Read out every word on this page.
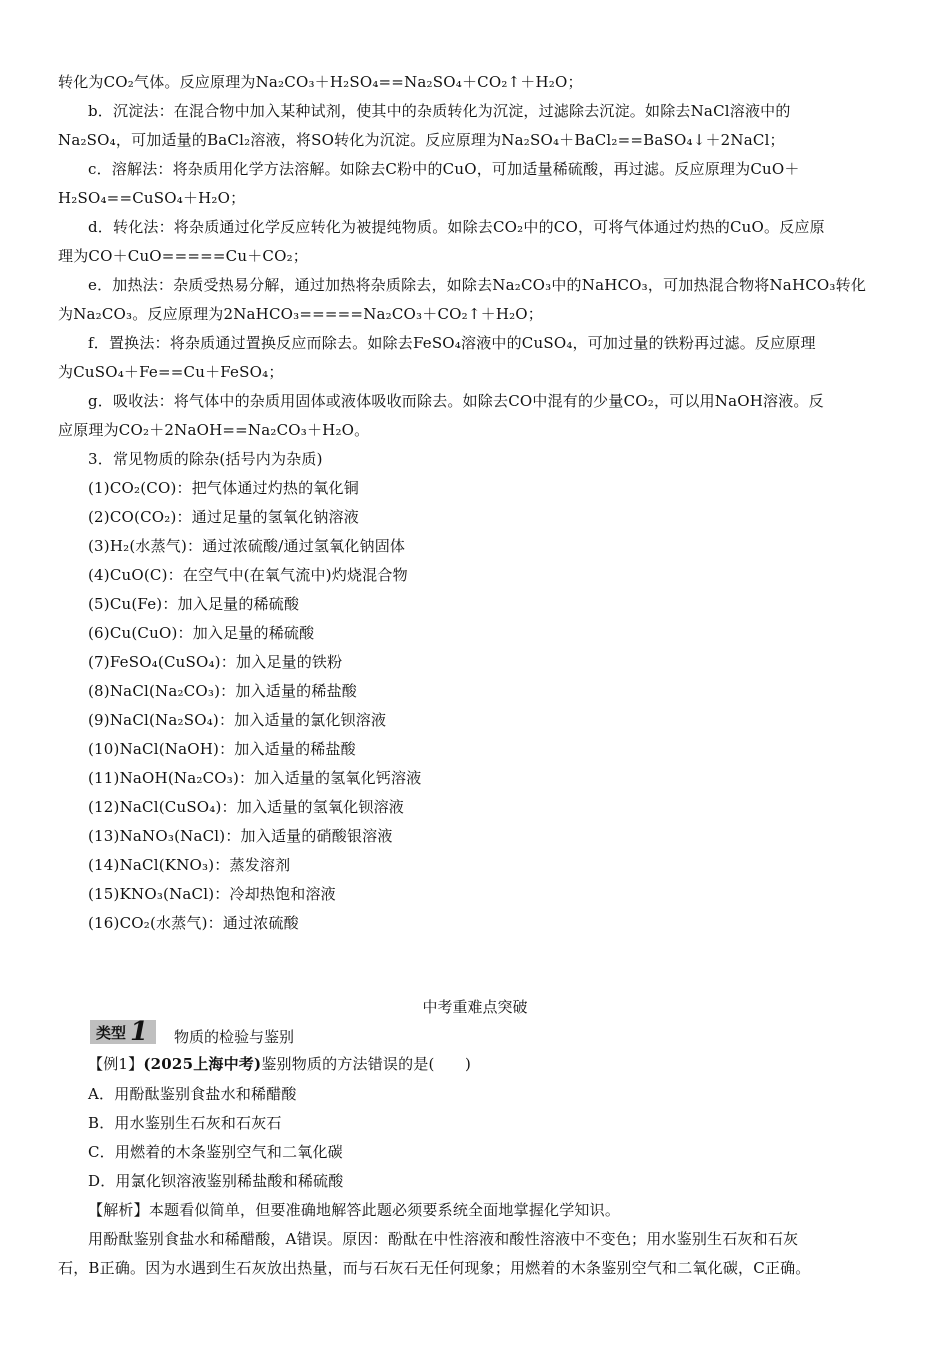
转化为CO₂气体。反应原理为Na₂CO₃＋H₂SO₄==Na₂SO₄＋CO₂↑＋H₂O；
b．沉淀法：在混合物中加入某种试剂，使其中的杂质转化为沉淀，过滤除去沉淀。如除去NaCl溶液中的
Na₂SO₄，可加适量的BaCl₂溶液，将SO转化为沉淀。反应原理为Na₂SO₄＋BaCl₂==BaSO₄↓＋2NaCl；
c．溶解法：将杂质用化学方法溶解。如除去C粉中的CuO，可加适量稀硫酸，再过滤。反应原理为CuO＋
H₂SO₄==CuSO₄＋H₂O；
d．转化法：将杂质通过化学反应转化为被提纯物质。如除去CO₂中的CO，可将气体通过灼热的CuO。反应原
理为CO＋CuO=====Cu＋CO₂；
e．加热法：杂质受热易分解，通过加热将杂质除去，如除去Na₂CO₃中的NaHCO₃，可加热混合物将NaHCO₃转化
为Na₂CO₃。反应原理为2NaHCO₃=====Na₂CO₃＋CO₂↑＋H₂O；
f．置换法：将杂质通过置换反应而除去。如除去FeSO₄溶液中的CuSO₄，可加过量的铁粉再过滤。反应原理
为CuSO₄＋Fe==Cu＋FeSO₄；
g．吸收法：将气体中的杂质用固体或液体吸收而除去。如除去CO中混有的少量CO₂，可以用NaOH溶液。反
应原理为CO₂＋2NaOH==Na₂CO₃＋H₂O。
3．常见物质的除杂(括号内为杂质)
(1)CO₂(CO)：把气体通过灼热的氧化铜
(2)CO(CO₂)：通过足量的氢氧化钠溶液
(3)H₂(水蒸气)：通过浓硫酸/通过氢氧化钠固体
(4)CuO(C)：在空气中(在氧气流中)灼烧混合物
(5)Cu(Fe)：加入足量的稀硫酸
(6)Cu(CuO)：加入足量的稀硫酸
(7)FeSO₄(CuSO₄)：加入足量的铁粉
(8)NaCl(Na₂CO₃)：加入适量的稀盐酸
(9)NaCl(Na₂SO₄)：加入适量的氯化钡溶液
(10)NaCl(NaOH)：加入适量的稀盐酸
(11)NaOH(Na₂CO₃)：加入适量的氢氧化钙溶液
(12)NaCl(CuSO₄)：加入适量的氢氧化钡溶液
(13)NaNO₃(NaCl)：加入适量的硝酸银溶液
(14)NaCl(KNO₃)：蒸发溶剂
(15)KNO₃(NaCl)：冷却热饱和溶液
(16)CO₂(水蒸气)：通过浓硫酸
中考重难点突破
类型 1 物质的检验与鉴别
【例1】(2025上海中考)鉴别物质的方法错误的是(　　)
A．用酚酞鉴别食盐水和稀醋酸
B．用水鉴别生石灰和石灰石
C．用燃着的木条鉴别空气和二氧化碳
D．用氯化钡溶液鉴别稀盐酸和稀硫酸
【解析】本题看似简单，但要准确地解答此题必须要系统全面地掌握化学知识。
用酚酞鉴别食盐水和稀醋酸，A错误。原因：酚酞在中性溶液和酸性溶液中不变色；用水鉴别生石灰和石灰
石，B正确。因为水遇到生石灰放出热量，而与石灰石无任何现象；用燃着的木条鉴别空气和二氧化碳，C正确。
